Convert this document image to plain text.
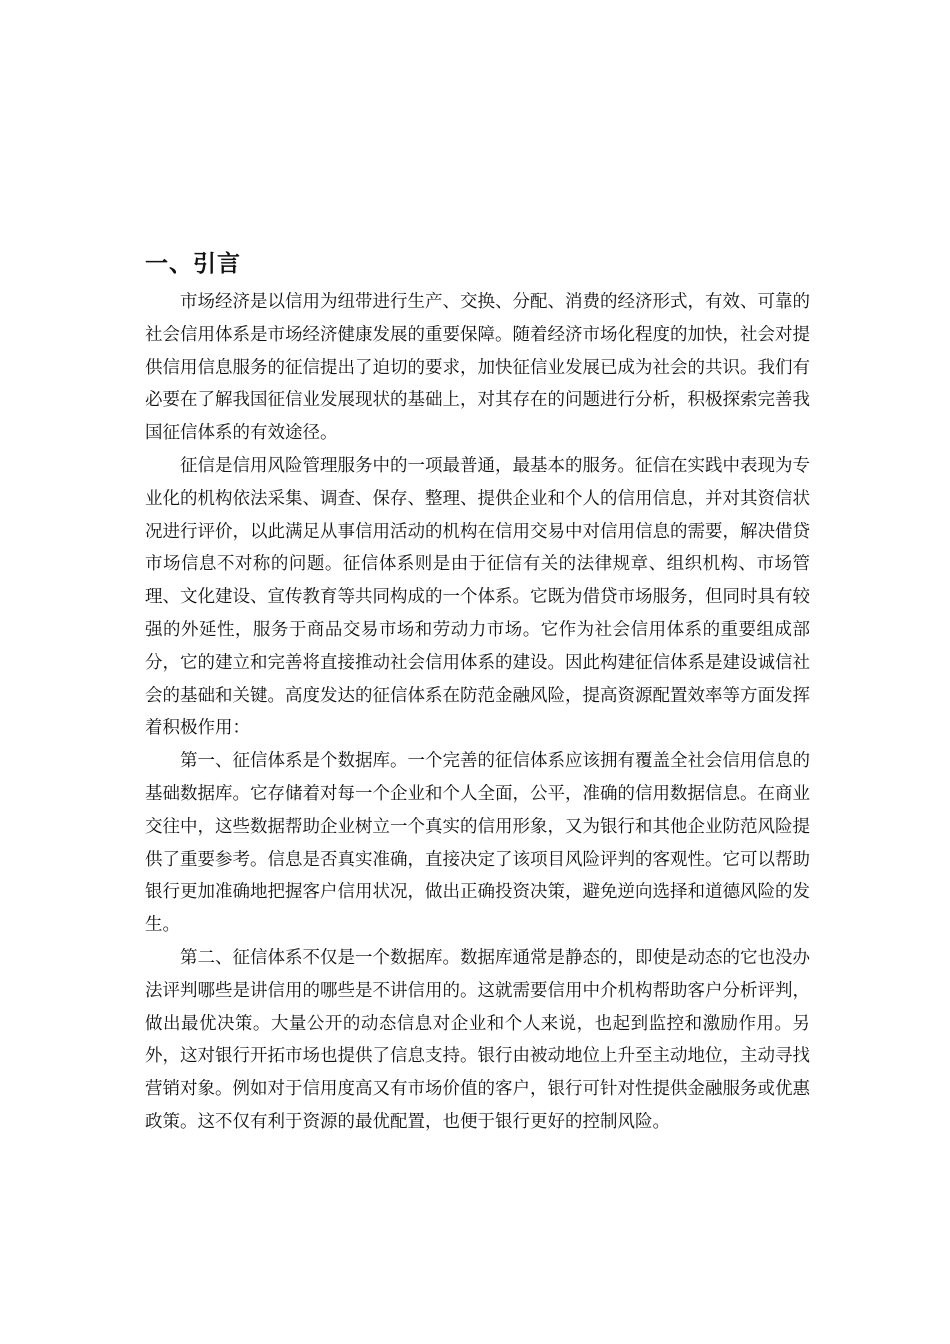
一、引言

市场经济是以信用为纽带进行生产、交换、分配、消费的经济形式，有效、可靠的社会信用体系是市场经济健康发展的重要保障。随着经济市场化程度的加快，社会对提供信用信息服务的征信提出了迫切的要求，加快征信业发展已成为社会的共识。我们有必要在了解我国征信业发展现状的基础上，对其存在的问题进行分析，积极探索完善我国征信体系的有效途径。

征信是信用风险管理服务中的一项最普通，最基本的服务。征信在实践中表现为专业化的机构依法采集、调查、保存、整理、提供企业和个人的信用信息，并对其资信状况进行评价，以此满足从事信用活动的机构在信用交易中对信用信息的需要，解决借贷市场信息不对称的问题。征信体系则是由于征信有关的法律规章、组织机构、市场管理、文化建设、宣传教育等共同构成的一个体系。它既为借贷市场服务，但同时具有较强的外延性，服务于商品交易市场和劳动力市场。它作为社会信用体系的重要组成部分，它的建立和完善将直接推动社会信用体系的建设。因此构建征信体系是建设诚信社会的基础和关键。高度发达的征信体系在防范金融风险，提高资源配置效率等方面发挥着积极作用：

第一、征信体系是个数据库。一个完善的征信体系应该拥有覆盖全社会信用信息的基础数据库。它存储着对每一个企业和个人全面，公平，准确的信用数据信息。在商业交往中，这些数据帮助企业树立一个真实的信用形象，又为银行和其他企业防范风险提供了重要参考。信息是否真实准确，直接决定了该项目风险评判的客观性。它可以帮助银行更加准确地把握客户信用状况，做出正确投资决策，避免逆向选择和道德风险的发生。

第二、征信体系不仅是一个数据库。数据库通常是静态的，即使是动态的它也没办法评判哪些是讲信用的哪些是不讲信用的。这就需要信用中介机构帮助客户分析评判，做出最优决策。大量公开的动态信息对企业和个人来说，也起到监控和激励作用。另外，这对银行开拓市场也提供了信息支持。银行由被动地位上升至主动地位，主动寻找营销对象。例如对于信用度高又有市场价值的客户，银行可针对性提供金融服务或优惠政策。这不仅有利于资源的最优配置，也便于银行更好的控制风险。
